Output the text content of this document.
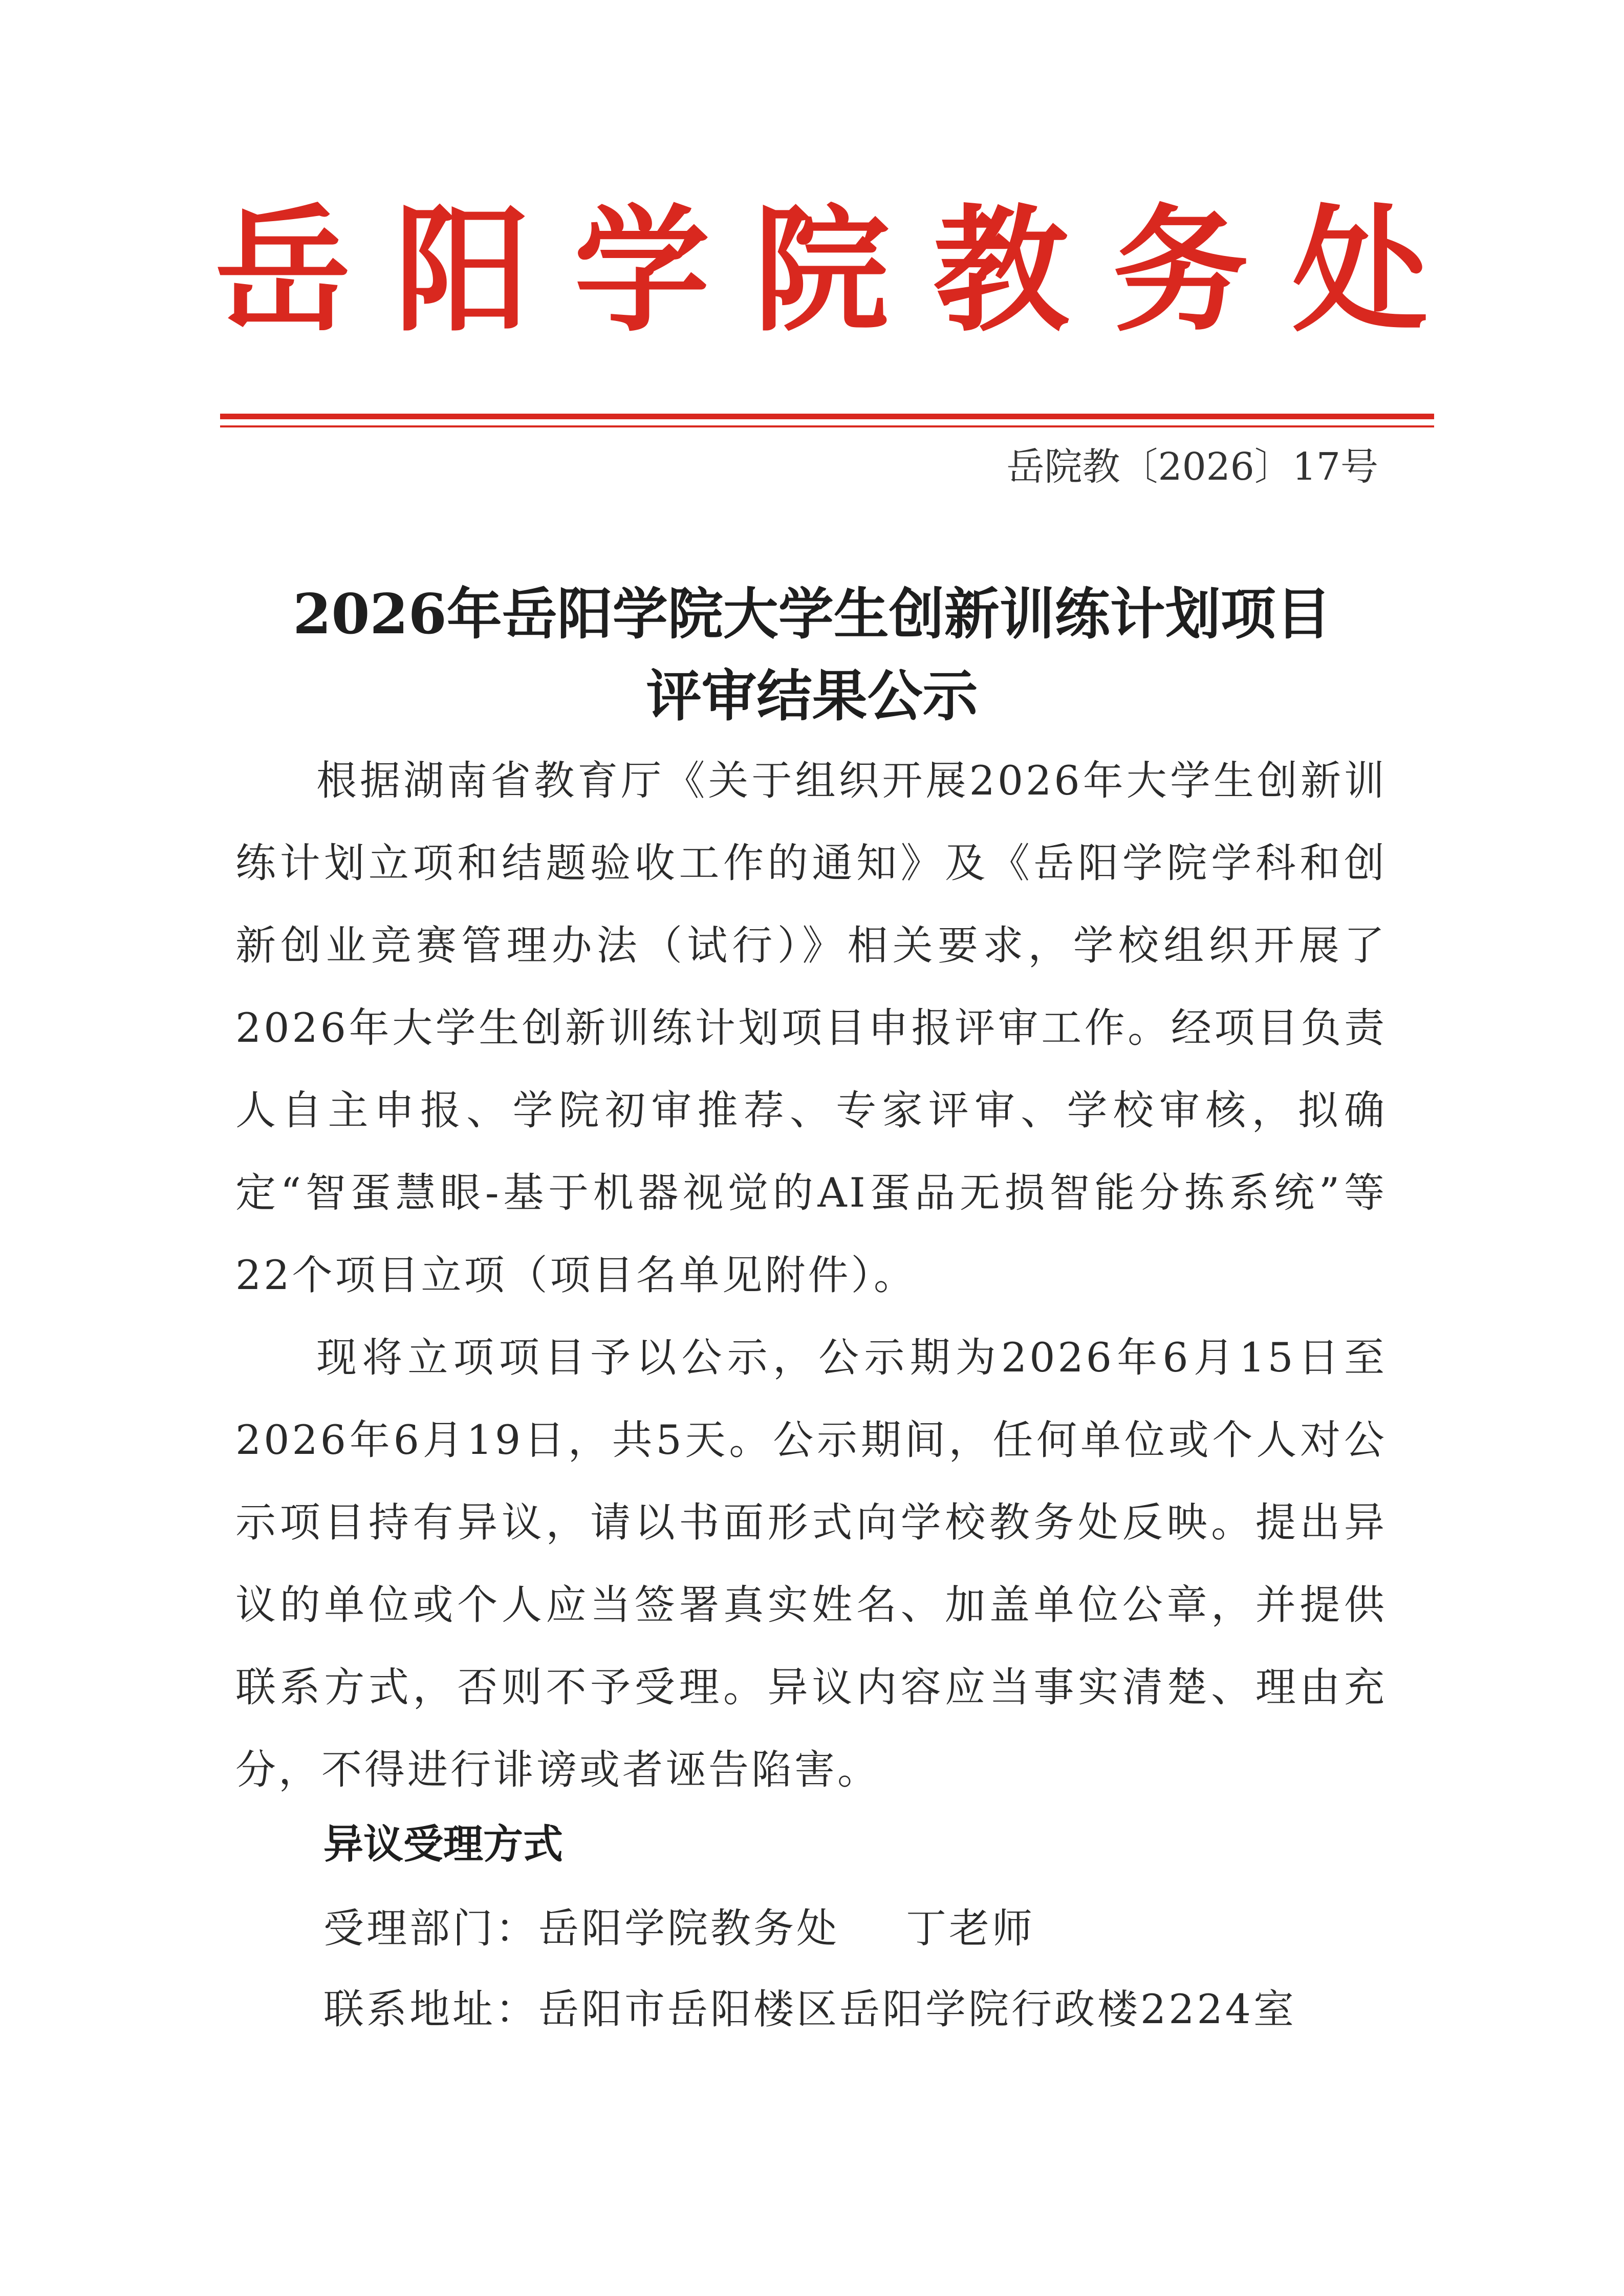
岳 阳 学 院 教 务 处
岳院教〔2026〕17号
2026年岳阳学院大学生创新训练计划项目
评审结果公示

根据湖南省教育厅《关于组织开展2026年大学生创新训练计划立项和结题验收工作的通知》及《岳阳学院学科和创新创业竞赛管理办法（试行）》相关要求，学校组织开展了2026年大学生创新训练计划项目申报评审工作。经项目负责人自主申报、学院初审推荐、专家评审、学校审核，拟确定“智蛋慧眼-基于机器视觉的AI蛋品无损智能分拣系统”等22个项目立项（项目名单见附件）。

现将立项项目予以公示，公示期为2026年6月15日至2026年6月19日，共5天。公示期间，任何单位或个人对公示项目持有异议，请以书面形式向学校教务处反映。提出异议的单位或个人应当签署真实姓名、加盖单位公章，并提供联系方式，否则不予受理。异议内容应当事实清楚、理由充分，不得进行诽谤或者诬告陷害。

异议受理方式
受理部门：岳阳学院教务处 丁老师
联系地址：岳阳市岳阳楼区岳阳学院行政楼2224室
